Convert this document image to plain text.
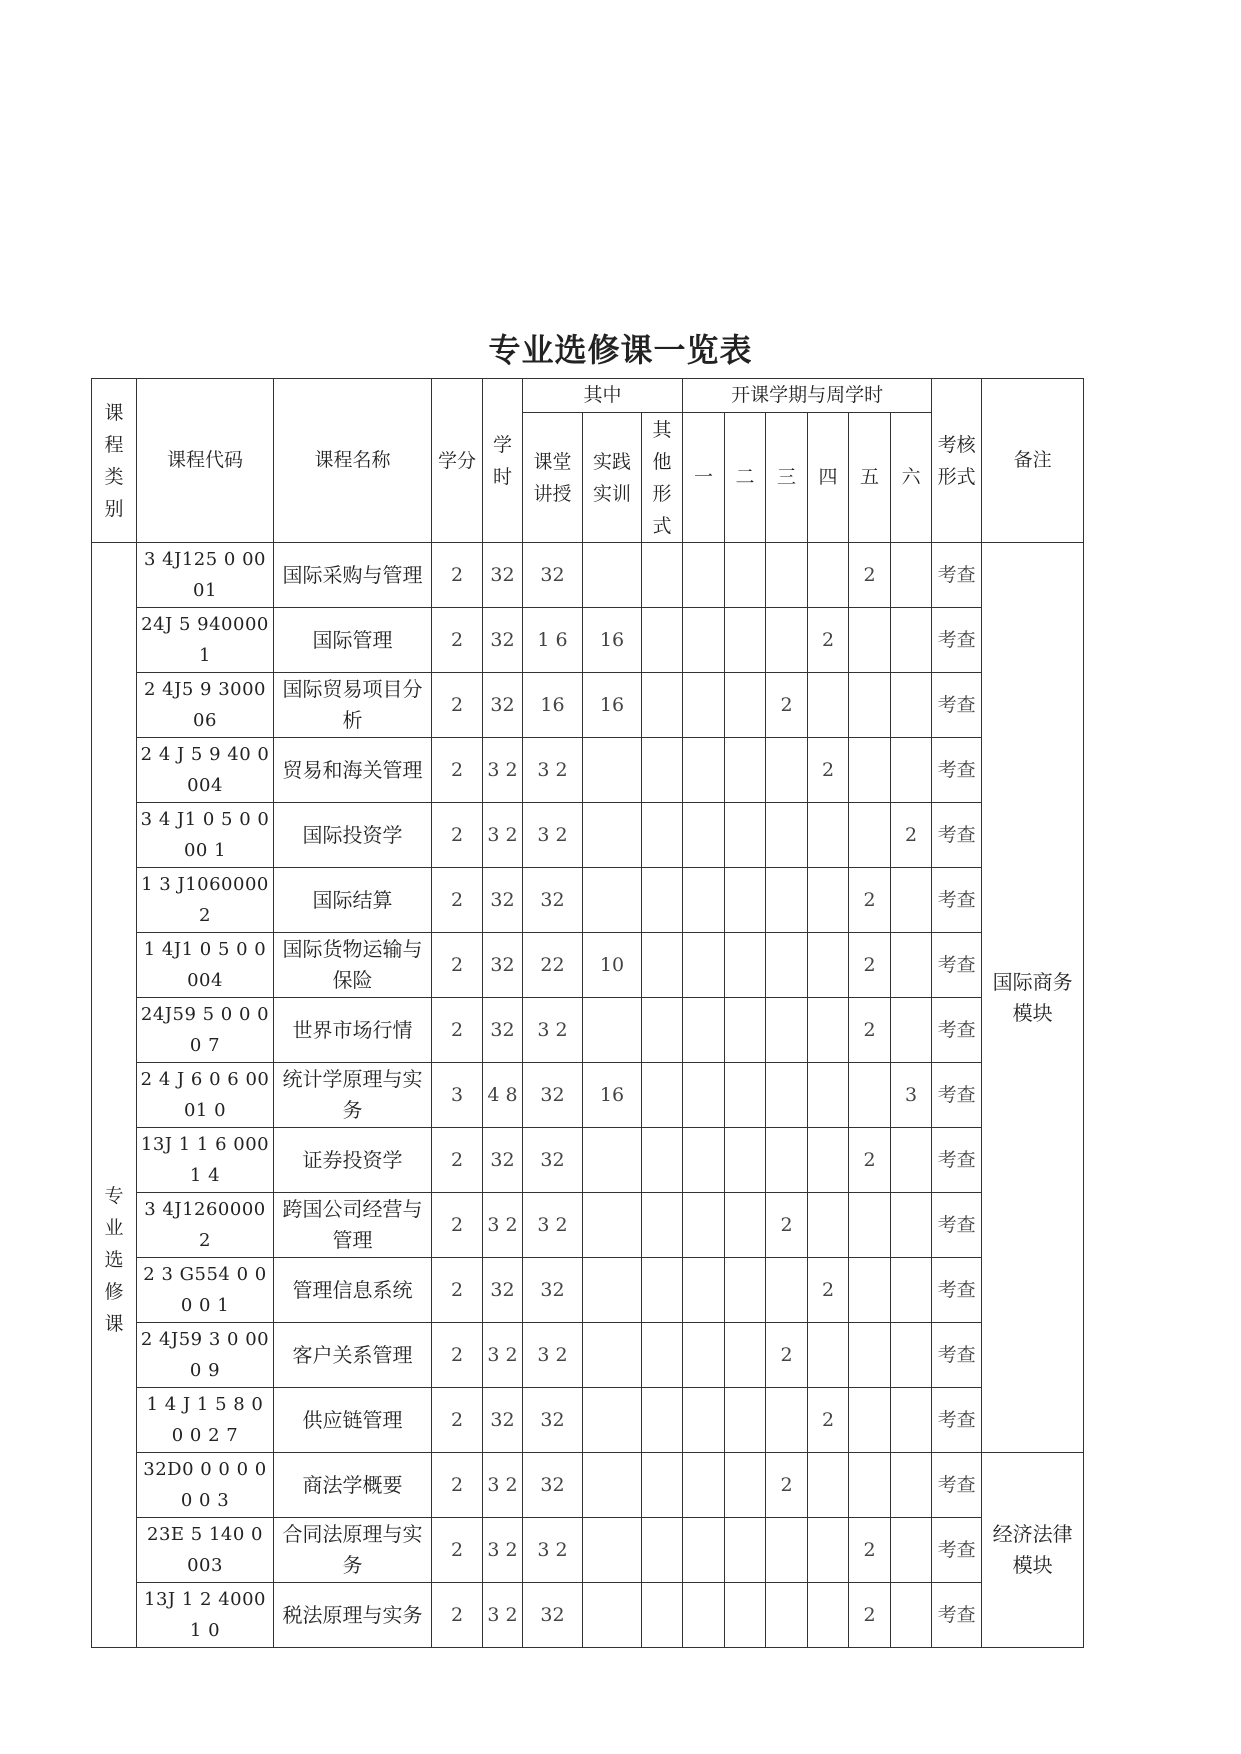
专业选修课一览表
课程类别	课程代码	课程名称	学分	学时	其中			开课学期与周学时						考核形式	备注
					课堂讲授	实践实训	其他形式	一	二	三	四	五	六		
专业选修课	3 4J125 0 0001	国际采购与管理	2	32	32							2		考查	国际商务模块
	24J 5 9400001	国际管理	2	32	1 6	16					2			考查	
	2 4J5 9 300006	国际贸易项目分析	2	32	16	16				2				考查	
	2 4 J 5 9 40 0 004	贸易和海关管理	2	3 2	3 2						2			考查	
	3 4 J1 0 5 0 0 00 1	国际投资学	2	3 2	3 2								2	考查	
	1 3 J10600002	国际结算	2	32	32							2		考查	
	1 4J1 0 5 0 0004	国际货物运输与保险	2	32	22	10						2		考查	
	24J59 5 0 0 0 0 7	世界市场行情	2	32	3 2							2		考查	
	2 4 J 6 0 6 0001 0	统计学原理与实务	3	4 8	32	16							3	考查	
	13J 1 1 6 0001 4	证券投资学	2	32	32							2		考查	
	3 4J1260000 2	跨国公司经营与管理	2	3 2	3 2					2				考查	
	2 3 G554 0 00 0 1	管理信息系统	2	32	32						2			考查	
	2 4J59 3 0 000 9	客户关系管理	2	3 2	3 2					2				考查	
	1 4 J 1 5 8 0 0 0 2 7	供应链管理	2	32	32						2			考查	
	32D0 0 0 0 00 0 3	商法学概要	2	3 2	32					2				考查	经济法律模块
	23E 5 140 0 003	合同法原理与实务	2	3 2	3 2							2		考查	
	13J 1 2 4000 1 0	税法原理与实务	2	3 2	32							2		考查	
